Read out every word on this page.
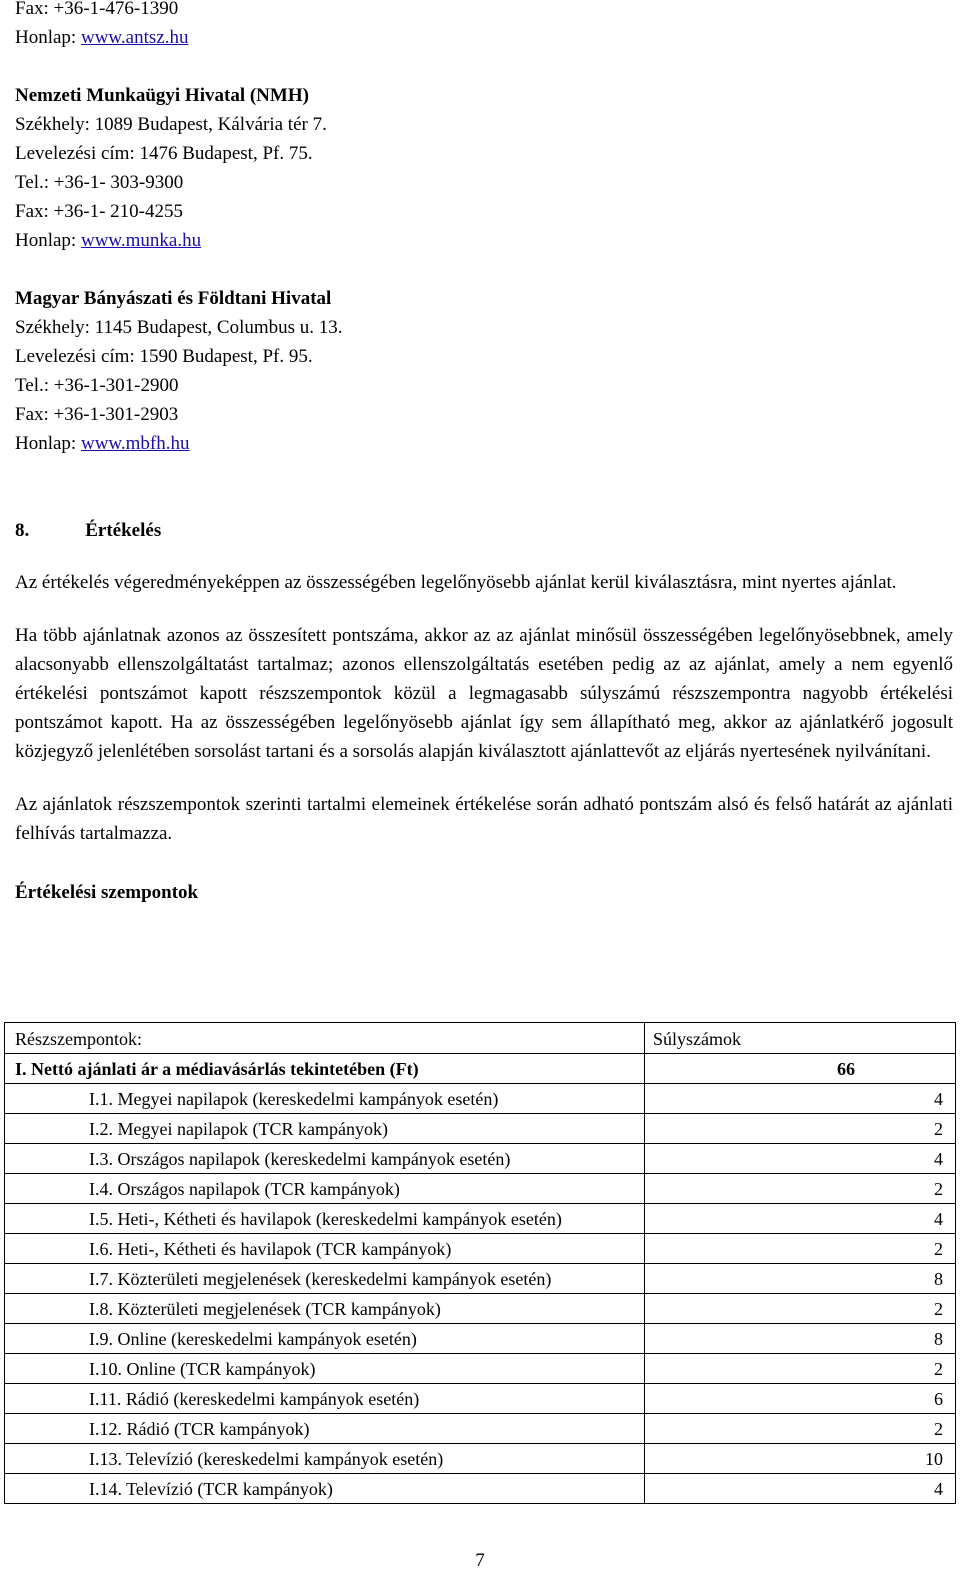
Fax: +36-1-476-1390
Honlap: www.antsz.hu
Nemzeti Munkaügyi Hivatal (NMH)
Székhely: 1089 Budapest, Kálvária tér 7.
Levelezési cím: 1476 Budapest, Pf. 75.
Tel.: +36-1- 303-9300
Fax: +36-1- 210-4255
Honlap: www.munka.hu
Magyar Bányászati és Földtani Hivatal
Székhely: 1145 Budapest, Columbus u. 13.
Levelezési cím: 1590 Budapest, Pf. 95.
Tel.: +36-1-301-2900
Fax: +36-1-301-2903
Honlap: www.mbfh.hu
8.	Értékelés

Az értékelés végeredményeképpen az összességében legelőnyösebb ajánlat kerül kiválasztásra, mint nyertes ajánlat.

Ha több ajánlatnak azonos az összesített pontszáma, akkor az az ajánlat minősül összességében legelőnyösebbnek, amely alacsonyabb ellenszolgáltatást tartalmaz; azonos ellenszolgáltatás esetében pedig az az ajánlat, amely a nem egyenlő értékelési pontszámot kapott részszempontok közül a legmagasabb súlyszámú részszempontra nagyobb értékelési pontszámot kapott. Ha az összességében legelőnyösebb ajánlat így sem állapítható meg, akkor az ajánlatkérő jogosult közjegyző jelenlétében sorsolást tartani és a sorsolás alapján kiválasztott ajánlattevőt az eljárás nyertesének nyilvánítani.

Az ajánlatok részszempontok szerinti tartalmi elemeinek értékelése során adható pontszám alsó és felső határát az ajánlati felhívás tartalmazza.

Értékelési szempontok
Részszempontok:	Súlyszámok
I. Nettó ajánlati ár a médiavásárlás tekintetében (Ft)	66
I.1. Megyei napilapok (kereskedelmi kampányok esetén)	4
I.2. Megyei napilapok (TCR kampányok)	2
I.3. Országos napilapok (kereskedelmi kampányok esetén)	4
I.4. Országos napilapok (TCR kampányok)	2
I.5. Heti-, Kétheti és havilapok (kereskedelmi kampányok esetén)	4
I.6. Heti-, Kétheti és havilapok (TCR kampányok)	2
I.7. Közterületi megjelenések (kereskedelmi kampányok esetén)	8
I.8. Közterületi megjelenések (TCR kampányok)	2
I.9. Online (kereskedelmi kampányok esetén)	8
I.10. Online (TCR kampányok)	2
I.11. Rádió (kereskedelmi kampányok esetén)	6
I.12. Rádió (TCR kampányok)	2
I.13. Televízió (kereskedelmi kampányok esetén)	10
I.14. Televízió (TCR kampányok)	4
7
